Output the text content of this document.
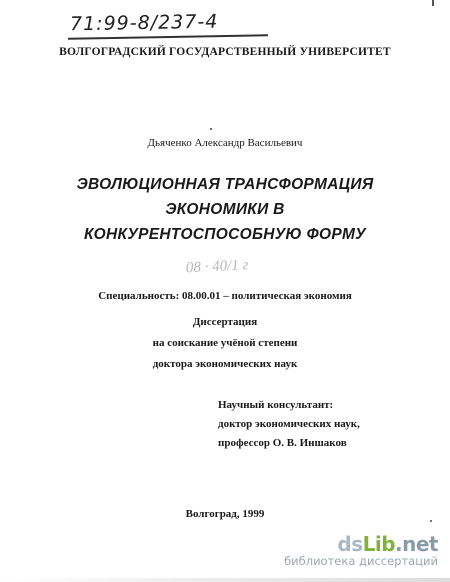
71:99-8/237-4
ВОЛГОГРАДСКИЙ ГОСУДАРСТВЕННЫЙ УНИВЕРСИТЕТ
Дьяченко Александр Васильевич
ЭВОЛЮЦИОННАЯ ТРАНСФОРМАЦИЯ
ЭКОНОМИКИ В
КОНКУРЕНТОСПОСОБНУЮ ФОРМУ
08 · 40/1 г
Специальность: 08.00.01 – политическая экономия
Диссертация
на соискание учёной степени
доктора экономических наук
Научный консультант:
доктор экономических наук,
профессор О. В. Иншаков
Волгоград, 1999
dsLib.net
библиотека диссертаций
